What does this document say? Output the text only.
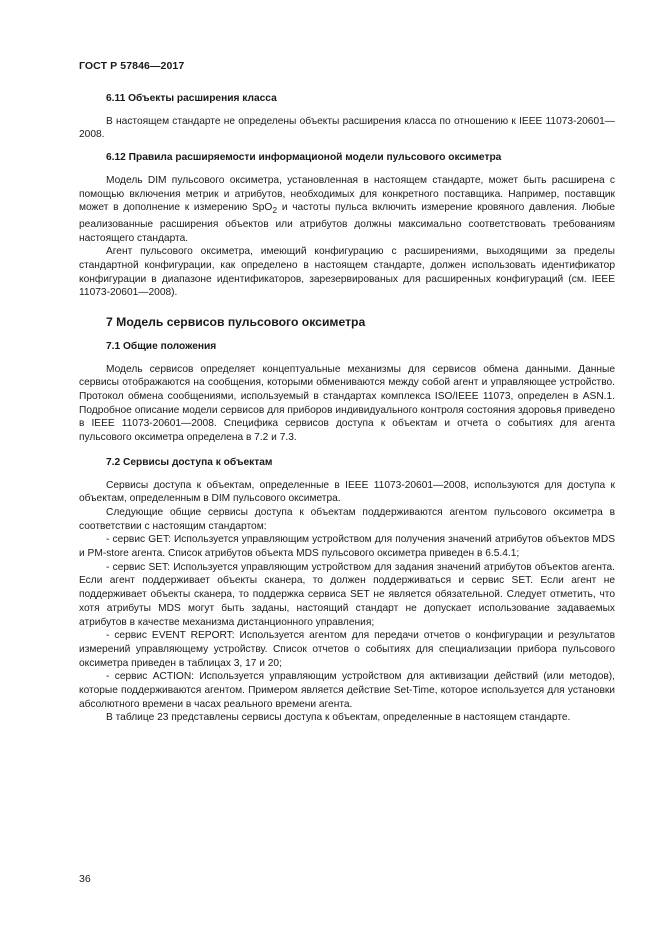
ГОСТ Р 57846—2017
6.11 Объекты расширения класса

В настоящем стандарте не определены объекты расширения класса по отношению к IEEE 11073-20601—2008.

6.12 Правила расширяемости информационой модели пульсового оксиметра

Модель DIM пульсового оксиметра, установленная в настоящем стандарте, может быть расширена с помощью включения метрик и атрибутов, необходимых для конкретного поставщика. Например, поставщик может в дополнение к измерению SpO$_2$ и частоты пульса включить измерение кровяного давления. Любые реализованные расширения объектов или атрибутов должны максимально соответствовать требованиям настоящего стандарта.

Агент пульсового оксиметра, имеющий конфигурацию с расширениями, выходящими за пределы стандартной конфигурации, как определено в настоящем стандарте, должен использовать идентификатор конфигурации в диапазоне идентификаторов, зарезервированых для расширенных конфигураций (см. IEEE 11073-20601—2008).

7 Модель сервисов пульсового оксиметра
7.1 Общие положения

Модель сервисов определяет концептуальные механизмы для сервисов обмена данными. Данные сервисы отображаются на сообщения, которыми обмениваются между собой агент и управляющее устройство. Протокол обмена сообщениями, используемый в стандартах комплекса ISO/IEEE 11073, определен в ASN.1. Подробное описание модели сервисов для приборов индивидуального контроля состояния здоровья приведено в IEEE 11073-20601—2008. Спецификa сервисов доступа к объектам и отчета о событиях для агента пульсового оксиметра определена в 7.2 и 7.3.

7.2 Сервисы доступа к объектам

Сервисы доступа к объектам, определенные в IEEE 11073-20601—2008, используются для доступа к объектам, определенным в DIM пульсового оксиметра.

Следующие общие сервисы доступа к объектам поддерживаются агентом пульсового оксиметра в соответствии с настоящим стандартом:

- сервис GET: Используется управляющим устройством для получения значений атрибутов объектов MDS и PM-store агента. Список атрибутов объекта MDS пульсового оксиметра приведен в 6.5.4.1;

- сервис SET: Используется управляющим устройством для задания значений атрибутов объектов агента. Если агент поддерживает объекты сканера, то должен поддерживаться и сервис SET. Если агент не поддерживает объекты сканера, то поддержка сервиса SET не является обязательной. Следует отметить, что хотя атрибуты MDS могут быть заданы, настоящий стандарт не допускает использование задаваемых атрибутов в качестве механизма дистанционного управления;

- сервис EVENT REPORT: Используется агентом для передачи отчетов о конфигурации и результатов измерений управляющему устройству. Список отчетов о событиях для специализации прибора пульсового оксиметра приведен в таблицах 3, 17 и 20;

- сервис ACTION: Используется управляющим устройством для активизации действий (или методов), которые поддерживаются агентом. Примером является действие Set-Time, которое используется для установки абсолютного времени в часах реального времени агента.

В таблице 23 представлены сервисы доступа к объектам, определенные в настоящем стандарте.

36
